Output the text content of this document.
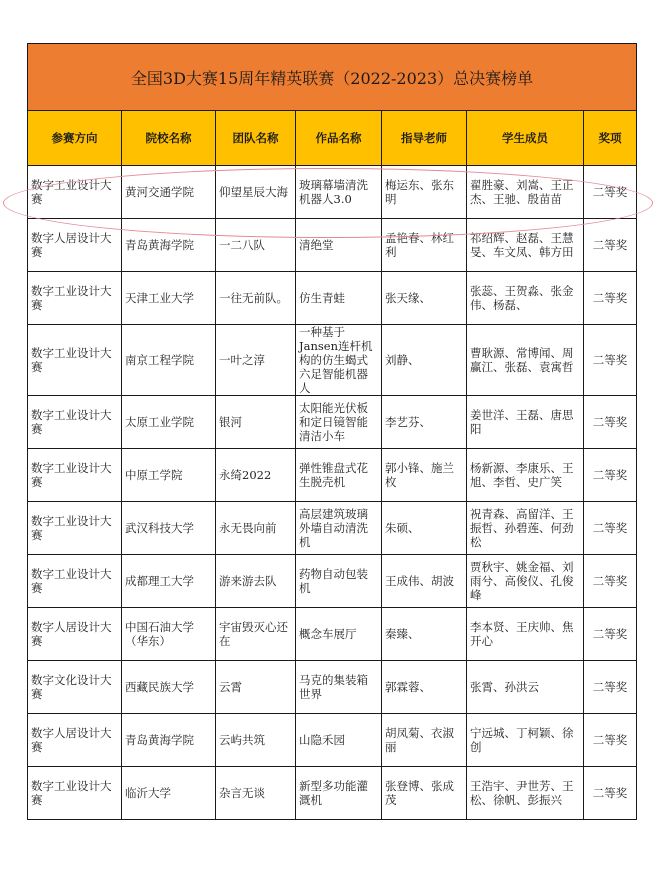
全国3D大赛15周年精英联赛（2022-2023）总决赛榜单						
参赛方向	院校名称	团队名称	作品名称	指导老师	学生成员	奖项
数字工业设计大赛	黄河交通学院	仰望星辰大海	玻璃幕墙清洗机器人3.0	梅运东、张东明	翟胜豪、刘嵩、王正杰、王驰、殷苗苗	二等奖
数字人居设计大赛	青岛黄海学院	一二八队	清绝堂	孟艳春、林红利	祁绍辉、赵磊、王慧旻、车文凤、韩方田	二等奖
数字工业设计大赛	天津工业大学	一往无前队。	仿生青蛙	张天缘、	张蕊、王贺淼、张金伟、杨磊、	二等奖
数字工业设计大赛	南京工程学院	一叶之淳	一种基于Jansen连杆机构的仿生蝎式六足智能机器人	刘静、	曹耿源、常博闻、周赢江、张磊、袁寓哲	二等奖
数字工业设计大赛	太原工业学院	银河	太阳能光伏板和定日镜智能清洁小车	李艺芬、	姜世洋、王磊、唐思阳	二等奖
数字工业设计大赛	中原工学院	永绮2022	弹性锥盘式花生脱壳机	郭小锋、施兰枚	杨新源、李康乐、王旭、李哲、史广笑	二等奖
数字工业设计大赛	武汉科技大学	永无畏向前	高层建筑玻璃外墙自动清洗机	朱硕、	祝青森、高留洋、王振哲、孙碧莲、何劲松	二等奖
数字工业设计大赛	成都理工大学	游来游去队	药物自动包装机	王成伟、胡波	贾秋宇、姚金福、刘雨兮、高俊仪、孔俊峰	二等奖
数字人居设计大赛	中国石油大学（华东）	宇宙毁灭心还在	概念车展厅	秦臻、	李本贤、王庆帅、焦开心	二等奖
数字文化设计大赛	西藏民族大学	云霄	马克的集装箱世界	郭霖蓉、	张霄、孙洪云	二等奖
数字人居设计大赛	青岛黄海学院	云屿共筑	山隐禾园	胡凤菊、衣淑丽	宁远城、丁柯颖、徐创	二等奖
数字工业设计大赛	临沂大学	杂言无谈	新型多功能灌溉机	张登博、张成茂	王浩宇、尹世芳、王松、徐帆、彭振兴	二等奖
